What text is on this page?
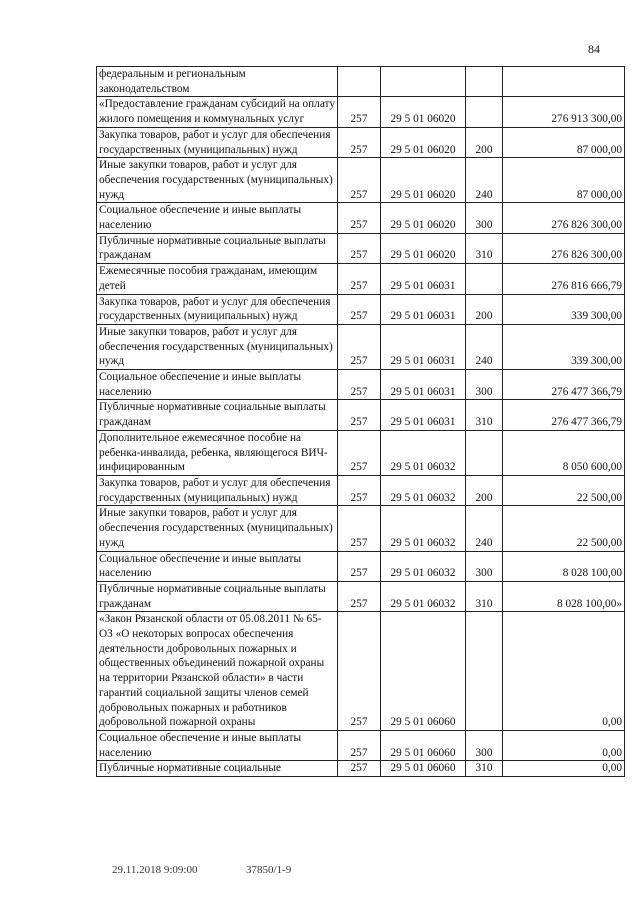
84
федеральным и региональным законодательством				
«Предоставление гражданам субсидий на оплату жилого помещения и коммунальных услуг	257	29 5 01 06020		276 913 300,00
Закупка товаров, работ и услуг для обеспечения государственных (муниципальных) нужд	257	29 5 01 06020	200	87 000,00
Иные закупки товаров, работ и услуг для обеспечения государственных (муниципальных) нужд	257	29 5 01 06020	240	87 000,00
Социальное обеспечение и иные выплаты населению	257	29 5 01 06020	300	276 826 300,00
Публичные нормативные социальные выплаты гражданам	257	29 5 01 06020	310	276 826 300,00
Ежемесячные пособия гражданам, имеющим детей	257	29 5 01 06031		276 816 666,79
Закупка товаров, работ и услуг для обеспечения государственных (муниципальных) нужд	257	29 5 01 06031	200	339 300,00
Иные закупки товаров, работ и услуг для обеспечения государственных (муниципальных) нужд	257	29 5 01 06031	240	339 300,00
Социальное обеспечение и иные выплаты населению	257	29 5 01 06031	300	276 477 366,79
Публичные нормативные социальные выплаты гражданам	257	29 5 01 06031	310	276 477 366,79
Дополнительное ежемесячное пособие на ребенка-инвалида, ребенка, являющегося ВИЧ-инфицированным	257	29 5 01 06032		8 050 600,00
Закупка товаров, работ и услуг для обеспечения государственных (муниципальных) нужд	257	29 5 01 06032	200	22 500,00
Иные закупки товаров, работ и услуг для обеспечения государственных (муниципальных) нужд	257	29 5 01 06032	240	22 500,00
Социальное обеспечение и иные выплаты населению	257	29 5 01 06032	300	8 028 100,00
Публичные нормативные социальные выплаты гражданам	257	29 5 01 06032	310	8 028 100,00»
«Закон Рязанской области от 05.08.2011 № 65-ОЗ «О некоторых вопросах обеспечения деятельности добровольных пожарных и общественных объединений пожарной охраны на территории Рязанской области» в части гарантий социальной защиты членов семей добровольных пожарных и работников добровольной пожарной охраны	257	29 5 01 06060		0,00
Социальное обеспечение и иные выплаты населению	257	29 5 01 06060	300	0,00
Публичные нормативные социальные	257	29 5 01 06060	310	0,00
29.11.2018 9:09:00	37850/1-9
